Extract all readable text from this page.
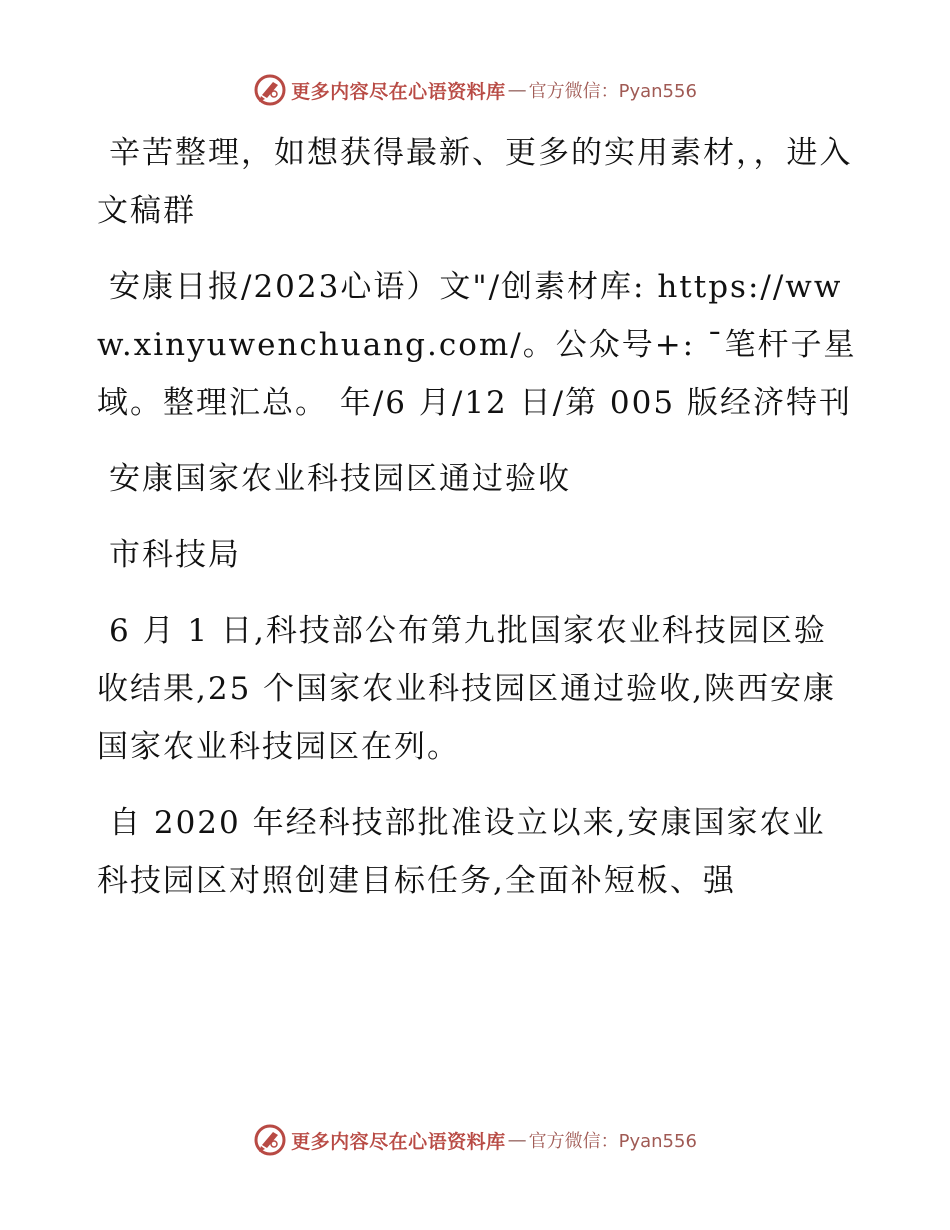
更多内容尽在心语资料库 — 官方微信：Pyan556

辛苦整理，如想获得最新、更多的实用素材，，进入文稿群

安康日报/2023心语）文"/创素材库: https://www.xinyuwenchuang.com/。公众号+: ¯笔杆子星域。整理汇总。 年/6 月/12 日/第 005 版经济特刊

安康国家农业科技园区通过验收

市科技局

6 月 1 日,科技部公布第九批国家农业科技园区验收结果,25 个国家农业科技园区通过验收,陕西安康国家农业科技园区在列。

自 2020 年经科技部批准设立以来,安康国家农业科技园区对照创建目标任务,全面补短板、强

更多内容尽在心语资料库 — 官方微信：Pyan556
